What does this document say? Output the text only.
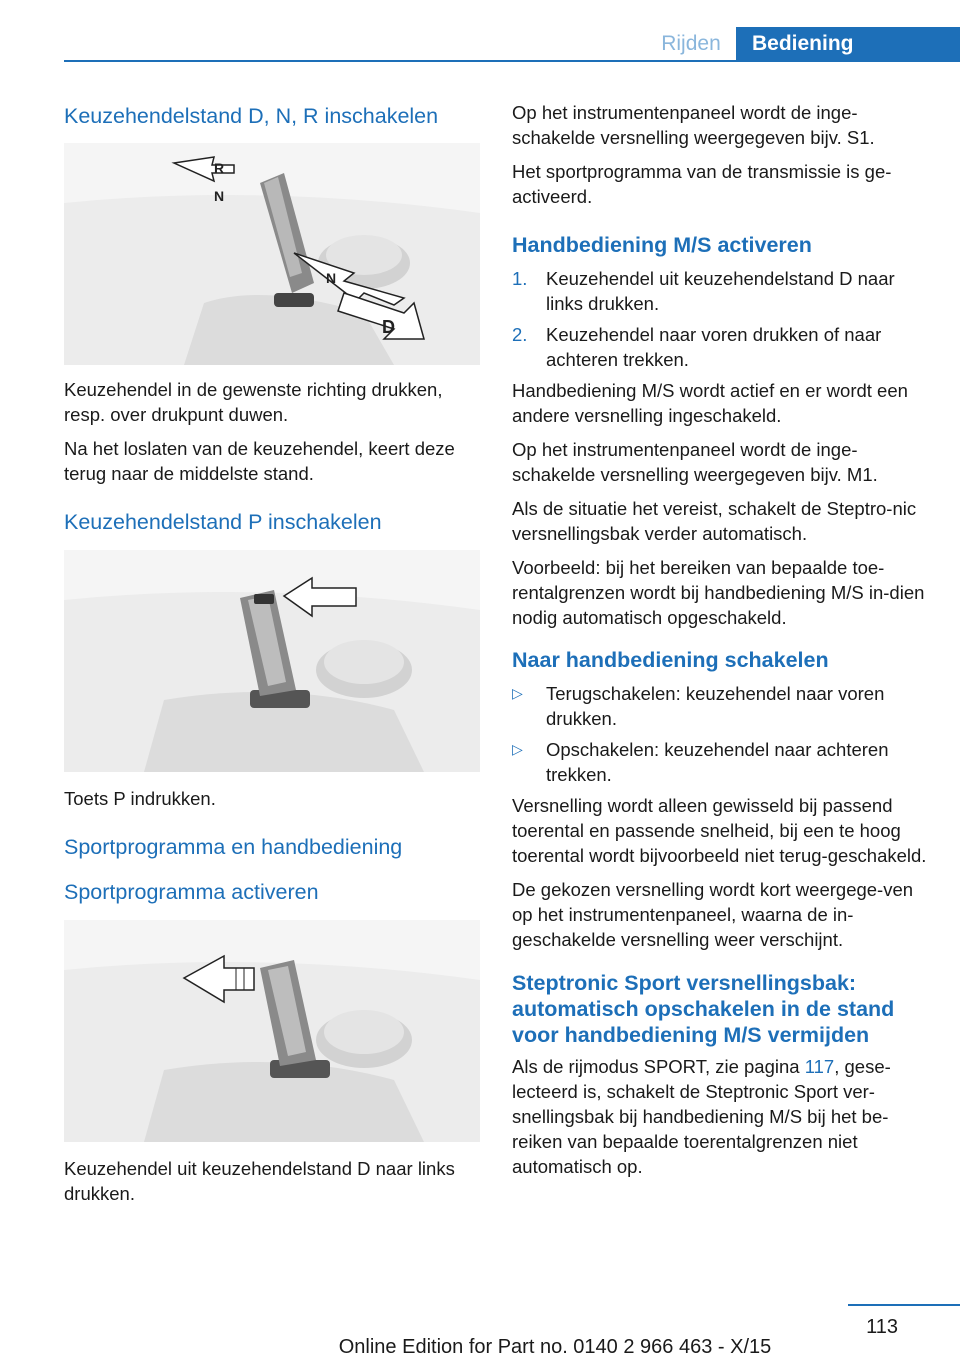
Rijden	Bediening
Keuzehendelstand D, N, R inschakelen
R
N
N
D

Keuzehendel in de gewenste richting drukken, resp. over drukpunt duwen.

Na het loslaten van de keuzehendel, keert deze terug naar de middelste stand.

Keuzehendelstand P inschakelen

Toets P indrukken.

Sportprogramma en handbediening
Sportprogramma activeren

Keuzehendel uit keuzehendelstand D naar links drukken.

Op het instrumentenpaneel wordt de inge-schakelde versnelling weergegeven bijv. S1.

Het sportprogramma van de transmissie is ge-activeerd.

Handbediening M/S activeren
1.	Keuzehendel uit keuzehendelstand D naar links drukken.
2.	Keuzehendel naar voren drukken of naar achteren trekken.

Handbediening M/S wordt actief en er wordt een andere versnelling ingeschakeld.

Op het instrumentenpaneel wordt de inge-schakelde versnelling weergegeven bijv. M1.

Als de situatie het vereist, schakelt de Steptro-nic versnellingsbak verder automatisch.

Voorbeeld: bij het bereiken van bepaalde toe-rentalgrenzen wordt bij handbediening M/S in-dien nodig automatisch opgeschakeld.

Naar handbediening schakelen
▷	Terugschakelen: keuzehendel naar voren drukken.
▷	Opschakelen: keuzehendel naar achteren trekken.

Versnelling wordt alleen gewisseld bij passend toerental en passende snelheid, bij een te hoog toerental wordt bijvoorbeeld niet terug-geschakeld.

De gekozen versnelling wordt kort weergege-ven op het instrumentenpaneel, waarna de in-geschakelde versnelling weer verschijnt.

Steptronic Sport versnellingsbak: automatisch opschakelen in de stand voor handbediening M/S vermijden

Als de rijmodus SPORT, zie pagina 117, gese-lecteerd is, schakelt de Steptronic Sport ver-snellingsbak bij handbediening M/S bij het be-reiken van bepaalde toerentalgrenzen niet automatisch op.

113
Online Edition for Part no. 0140 2 966 463 - X/15
